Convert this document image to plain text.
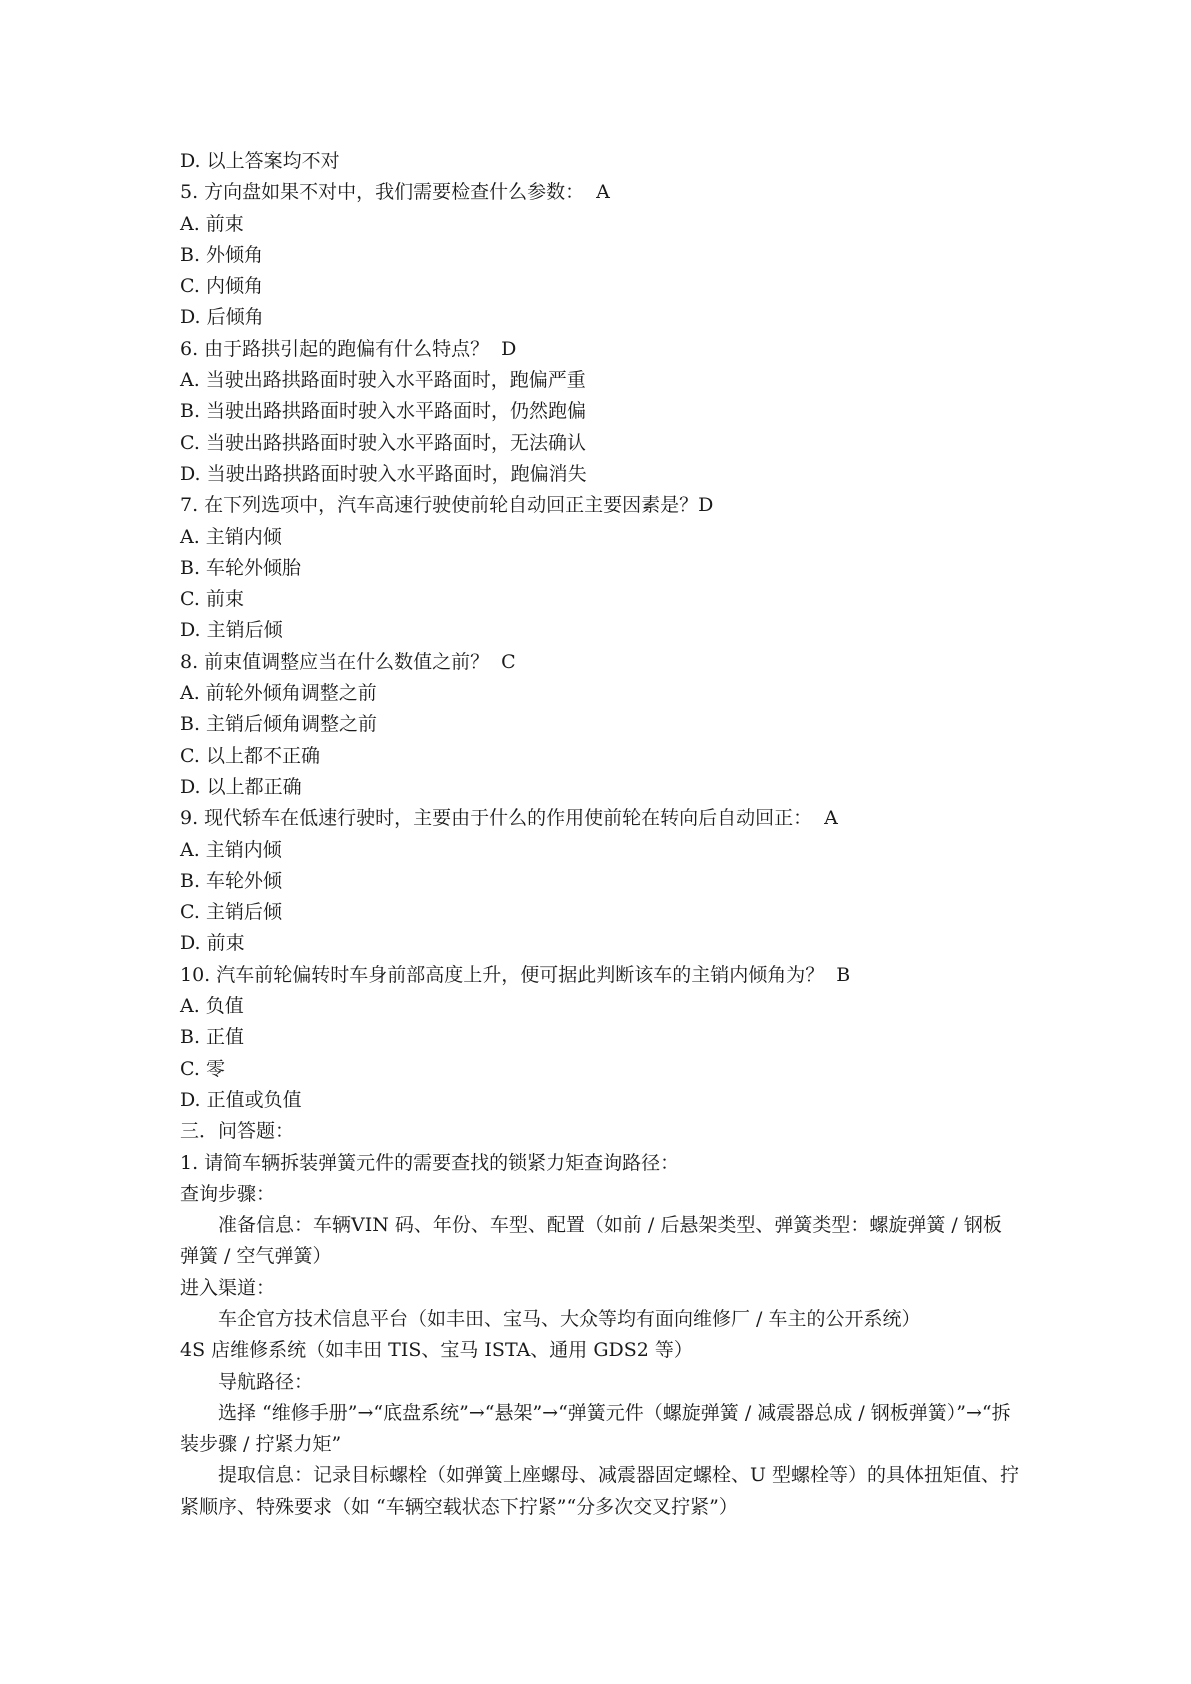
D. 以上答案均不对
5. 方向盘如果不对中，我们需要检查什么参数： A
A. 前束
B. 外倾角
C. 内倾角
D. 后倾角
6. 由于路拱引起的跑偏有什么特点？ D
A. 当驶出路拱路面时驶入水平路面时，跑偏严重
B. 当驶出路拱路面时驶入水平路面时，仍然跑偏
C. 当驶出路拱路面时驶入水平路面时，无法确认
D. 当驶出路拱路面时驶入水平路面时，跑偏消失
7. 在下列选项中，汽车高速行驶使前轮自动回正主要因素是？D
A. 主销内倾
B. 车轮外倾胎
C. 前束
D. 主销后倾
8. 前束值调整应当在什么数值之前？ C
A. 前轮外倾角调整之前
B. 主销后倾角调整之前
C. 以上都不正确
D. 以上都正确
9. 现代轿车在低速行驶时，主要由于什么的作用使前轮在转向后自动回正： A
A. 主销内倾
B. 车轮外倾
C. 主销后倾
D. 前束
10. 汽车前轮偏转时车身前部高度上升，便可据此判断该车的主销内倾角为？ B
A. 负值
B. 正值
C. 零
D. 正值或负值
三．问答题：
1. 请简车辆拆装弹簧元件的需要查找的锁紧力矩查询路径：
查询步骤：

准备信息：车辆VIN 码、年份、车型、配置（如前 / 后悬架类型、弹簧类型：螺旋弹簧 / 钢板弹簧 / 空气弹簧）

进入渠道：
车企官方技术信息平台（如丰田、宝马、大众等均有面向维修厂 / 车主的公开系统）
4S 店维修系统（如丰田 TIS、宝马 ISTA、通用 GDS2 等）
导航路径：

选择 “维修手册”→“底盘系统”→“悬架”→“弹簧元件（螺旋弹簧 / 减震器总成 / 钢板弹簧）”→“拆装步骤 / 拧紧力矩”

提取信息：记录目标螺栓（如弹簧上座螺母、减震器固定螺栓、U 型螺栓等）的具体扭矩值、拧紧顺序、特殊要求（如 “车辆空载状态下拧紧”“分多次交叉拧紧”）
